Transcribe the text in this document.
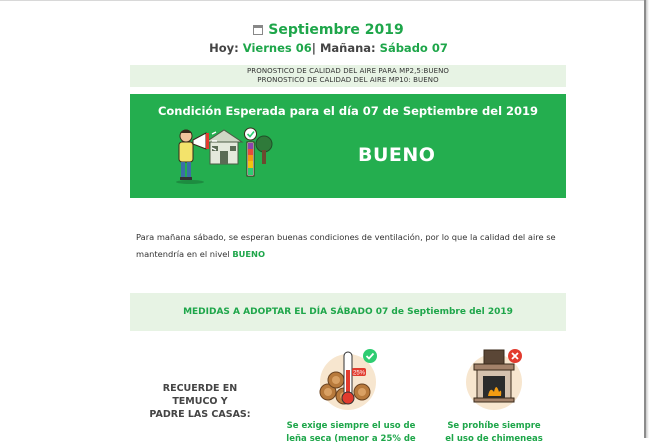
Septiembre 2019
Hoy: Viernes 06| Mañana: Sábado 07
PRONOSTICO DE CALIDAD DEL AIRE PARA MP2,5:BUENO
PRONOSTICO DE CALIDAD DEL AIRE MP10: BUENO
Condición Esperada para el día 07 de Septiembre del 2019
BUENO
Para mañana sábado, se esperan buenas condiciones de ventilación, por lo que la calidad del aire se mantendría en el nivel BUENO
MEDIDAS A ADOPTAR EL DÍA SÁBADO 07 de Septiembre del 2019
RECUERDE EN
TEMUCO Y
PADRE LAS CASAS:
25%
Se exige siempre el uso de
leña seca (menor a 25% de
Se prohíbe siempre
el uso de chimeneas
